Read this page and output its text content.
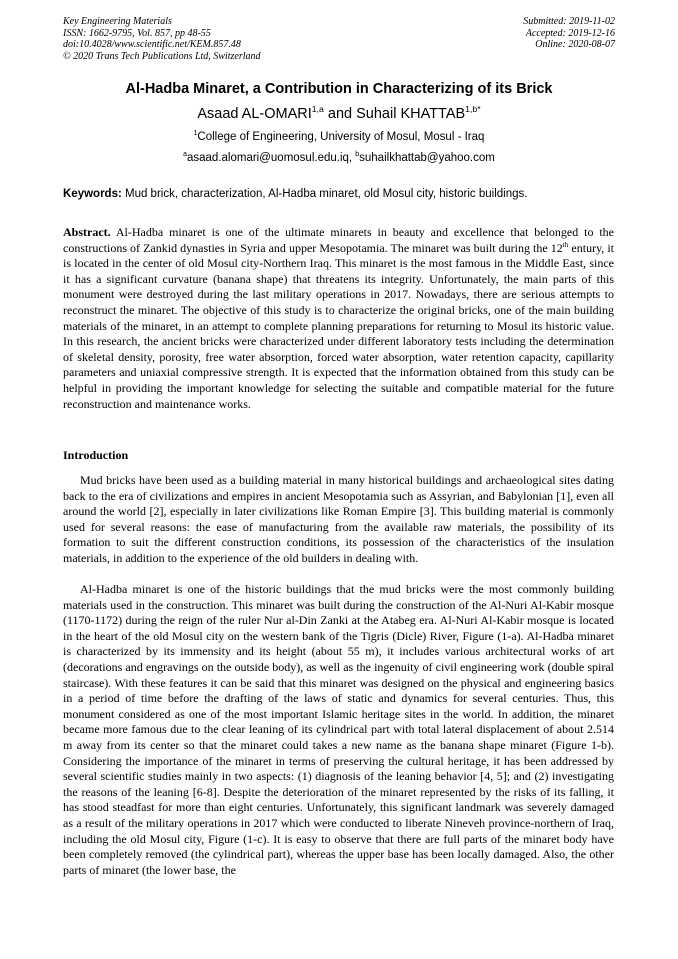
Key Engineering Materials
ISSN: 1662-9795, Vol. 857, pp 48-55
doi:10.4028/www.scientific.net/KEM.857.48
© 2020 Trans Tech Publications Ltd, Switzerland
Submitted: 2019-11-02
Accepted: 2019-12-16
Online: 2020-08-07
Al-Hadba Minaret, a Contribution in Characterizing of its Brick
Asaad AL-OMARI$^{1,a}$ and Suhail $KHATTAB^{1,b*}$
$^1$College of Engineering, University of Mosul, Mosul - Iraq
$^a$asaad.alomari@uomosul.edu.iq, $^b$suhailkhattab@yahoo.com
Keywords: Mud brick, characterization, Al-Hadba minaret, old Mosul city, historic buildings.

Abstract. Al-Hadba minaret is one of the ultimate minarets in beauty and excellence that belonged to the constructions of Zankid dynasties in Syria and upper Mesopotamia. The minaret was built during the 12th entury, it is located in the center of old Mosul city-Northern Iraq. This minaret is the most famous in the Middle East, since it has a significant curvature (banana shape) that threatens its integrity. Unfortunately, the main parts of this monument were destroyed during the last military operations in 2017. Nowadays, there are serious attempts to reconstruct the minaret. The objective of this study is to characterize the original bricks, one of the main building materials of the minaret, in an attempt to complete planning preparations for returning to Mosul its historic value. In this research, the ancient bricks were characterized under different laboratory tests including the determination of skeletal density, porosity, free water absorption, forced water absorption, water retention capacity, capillarity parameters and uniaxial compressive strength. It is expected that the information obtained from this study can be helpful in providing the important knowledge for selecting the suitable and compatible material for the future reconstruction and maintenance works.

Introduction

Mud bricks have been used as a building material in many historical buildings and archaeological sites dating back to the era of civilizations and empires in ancient Mesopotamia such as Assyrian, and Babylonian [1], even all around the world [2], especially in later civilizations like Roman Empire [3]. This building material is commonly used for several reasons: the ease of manufacturing from the available raw materials, the possibility of its formation to suit the different construction conditions, its possession of the characteristics of the insulation materials, in addition to the experience of the old builders in dealing with.

Al-Hadba minaret is one of the historic buildings that the mud bricks were the most commonly building materials used in the construction. This minaret was built during the construction of the Al-Nuri Al-Kabir mosque (1170-1172) during the reign of the ruler Nur al-Din Zanki at the Atabeg era. Al-Nuri Al-Kabir mosque is located in the heart of the old Mosul city on the western bank of the Tigris (Dicle) River, Figure (1-a). Al-Hadba minaret is characterized by its immensity and its height (about 55 m), it includes various architectural works of art (decorations and engravings on the outside body), as well as the ingenuity of civil engineering work (double spiral staircase). With these features it can be said that this minaret was designed on the physical and engineering basics in a period of time before the drafting of the laws of static and dynamics for several centuries. Thus, this monument considered as one of the most important Islamic heritage sites in the world. In addition, the minaret became more famous due to the clear leaning of its cylindrical part with total lateral displacement of about 2.514 m away from its center so that the minaret could takes a new name as the banana shape minaret (Figure 1-b). Considering the importance of the minaret in terms of preserving the cultural heritage, it has been addressed by several scientific studies mainly in two aspects: (1) diagnosis of the leaning behavior [4, 5]; and (2) investigating the reasons of the leaning [6-8]. Despite the deterioration of the minaret represented by the risks of its falling, it has stood steadfast for more than eight centuries. Unfortunately, this significant landmark was severely damaged as a result of the military operations in 2017 which were conducted to liberate Nineveh province-northern of Iraq, including the old Mosul city, Figure (1-c). It is easy to observe that there are full parts of the minaret body have been completely removed (the cylindrical part), whereas the upper base has been locally damaged. Also, the other parts of minaret (the lower base, the
